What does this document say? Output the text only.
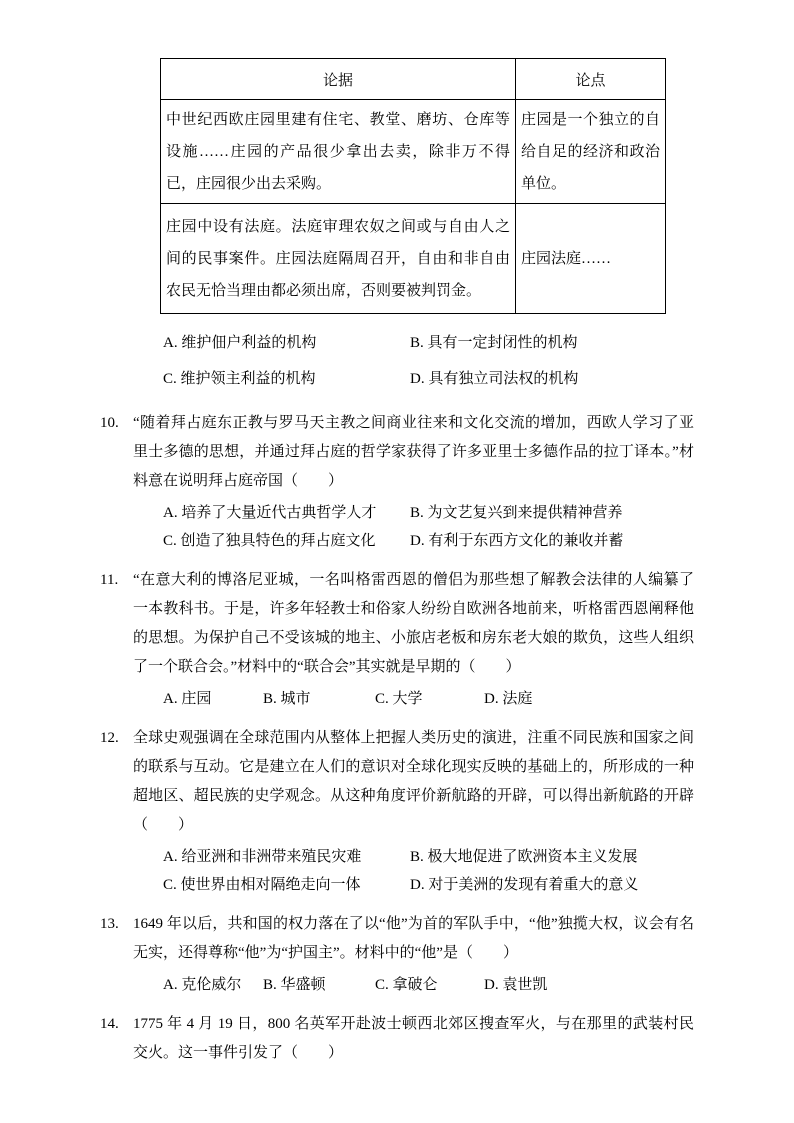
论据	论点
中世纪西欧庄园里建有住宅、教堂、磨坊、仓库等设施……庄园的产品很少拿出去卖，除非万不得已，庄园很少出去采购。	庄园是一个独立的自给自足的经济和政治单位。
庄园中设有法庭。法庭审理农奴之间或与自由人之间的民事案件。庄园法庭隔周召开，自由和非自由农民无恰当理由都必须出席，否则要被判罚金。	庄园法庭……
A. 维护佃户利益的机构	B. 具有一定封闭性的机构
C. 维护领主利益的机构	D. 具有独立司法权的机构
10. “随着拜占庭东正教与罗马天主教之间商业往来和文化交流的增加，西欧人学习了亚里士多德的思想，并通过拜占庭的哲学家获得了许多亚里士多德作品的拉丁译本。”材料意在说明拜占庭帝国（　　）
A. 培养了大量近代古典哲学人才	B. 为文艺复兴到来提供精神营养
C. 创造了独具特色的拜占庭文化	D. 有利于东西方文化的兼收并蓄
11. “在意大利的博洛尼亚城，一名叫格雷西恩的僧侣为那些想了解教会法律的人编纂了一本教科书。于是，许多年轻教士和俗家人纷纷自欧洲各地前来，听格雷西恩阐释他的思想。为保护自己不受该城的地主、小旅店老板和房东老大娘的欺负，这些人组织了一个联合会。”材料中的“联合会”其实就是早期的（　　）
A. 庄园	B. 城市	C. 大学	D. 法庭
12. 全球史观强调在全球范围内从整体上把握人类历史的演进，注重不同民族和国家之间的联系与互动。它是建立在人们的意识对全球化现实反映的基础上的，所形成的一种超地区、超民族的史学观念。从这种角度评价新航路的开辟，可以得出新航路的开辟（　　）
A. 给亚洲和非洲带来殖民灾难	B. 极大地促进了欧洲资本主义发展
C. 使世界由相对隔绝走向一体	D. 对于美洲的发现有着重大的意义
13. 1649 年以后，共和国的权力落在了以“他”为首的军队手中，“他”独揽大权，议会有名无实，还得尊称“他”为“护国主”。材料中的“他”是（　　）
A. 克伦威尔	B. 华盛顿	C. 拿破仑	D. 袁世凯
14. 1775 年 4 月 19 日，800 名英军开赴波士顿西北郊区搜查军火，与在那里的武装村民交火。这一事件引发了（　　）
